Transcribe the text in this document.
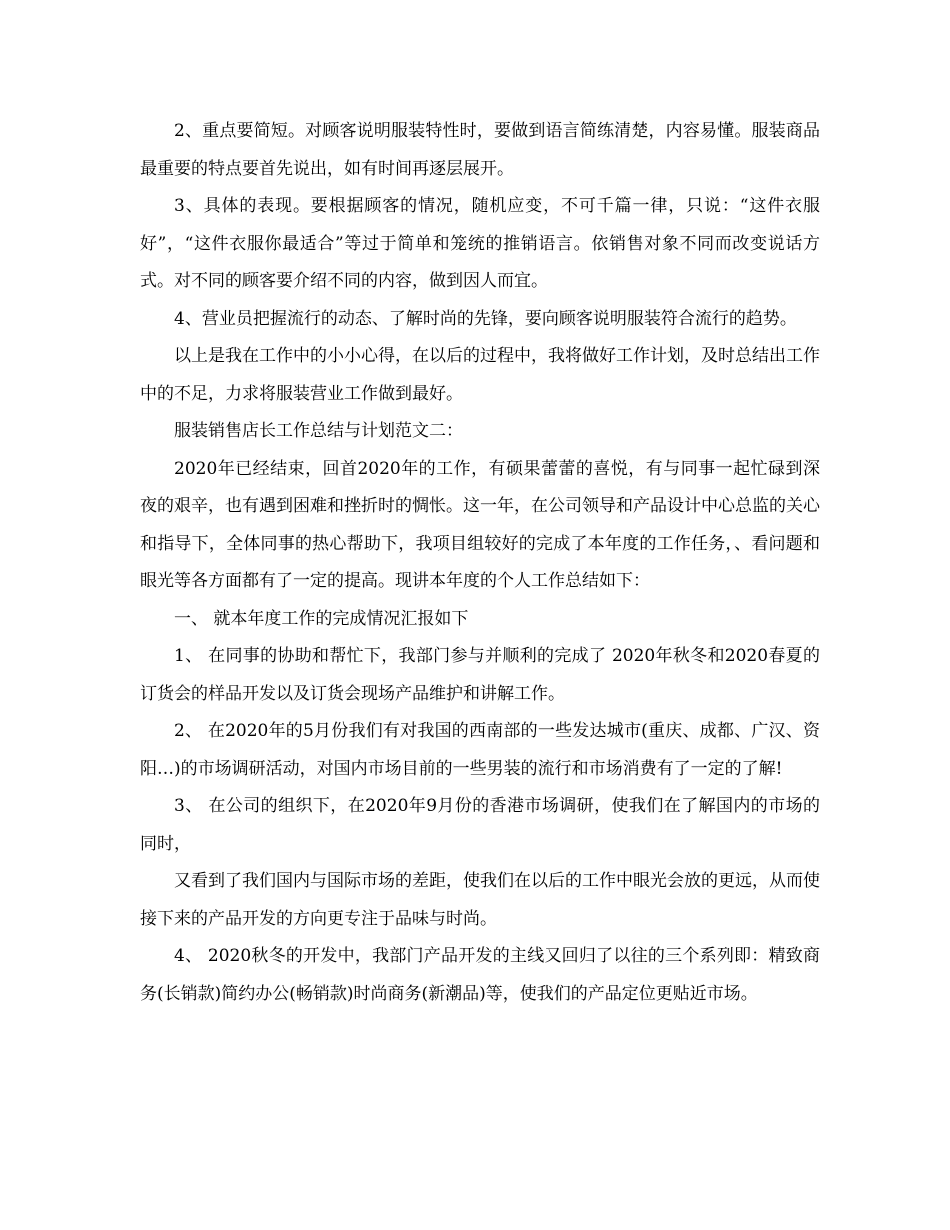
2、重点要简短。对顾客说明服装特性时，要做到语言简练清楚，内容易懂。服装商品最重要的特点要首先说出，如有时间再逐层展开。

3、具体的表现。要根据顾客的情况，随机应变，不可千篇一律，只说：“这件衣服好”，“这件衣服你最适合”等过于简单和笼统的推销语言。依销售对象不同而改变说话方式。对不同的顾客要介绍不同的内容，做到因人而宜。

4、营业员把握流行的动态、了解时尚的先锋，要向顾客说明服装符合流行的趋势。

以上是我在工作中的小小心得，在以后的过程中，我将做好工作计划，及时总结出工作中的不足，力求将服装营业工作做到最好。

服装销售店长工作总结与计划范文二：

2020年已经结束，回首2020年的工作，有硕果蕾蕾的喜悦，有与同事一起忙碌到深夜的艰辛，也有遇到困难和挫折时的惆怅。这一年，在公司领导和产品设计中心总监的关心和指导下，全体同事的热心帮助下，我项目组较好的完成了本年度的工作任务，、看问题和眼光等各方面都有了一定的提高。现讲本年度的个人工作总结如下：

一、 就本年度工作的完成情况汇报如下

1、 在同事的协助和帮忙下，我部门参与并顺利的完成了 2020年秋冬和2020春夏的订货会的样品开发以及订货会现场产品维护和讲解工作。

2、 在2020年的5月份我们有对我国的西南部的一些发达城市(重庆、成都、广汉、资阳…)的市场调研活动，对国内市场目前的一些男装的流行和市场消费有了一定的了解!

3、 在公司的组织下，在2020年9月份的香港市场调研，使我们在了解国内的市场的同时，

又看到了我们国内与国际市场的差距，使我们在以后的工作中眼光会放的更远，从而使接下来的产品开发的方向更专注于品味与时尚。

4、 2020秋冬的开发中，我部门产品开发的主线又回归了以往的三个系列即：精致商务(长销款)简约办公(畅销款)时尚商务(新潮品)等，使我们的产品定位更贴近市场。
